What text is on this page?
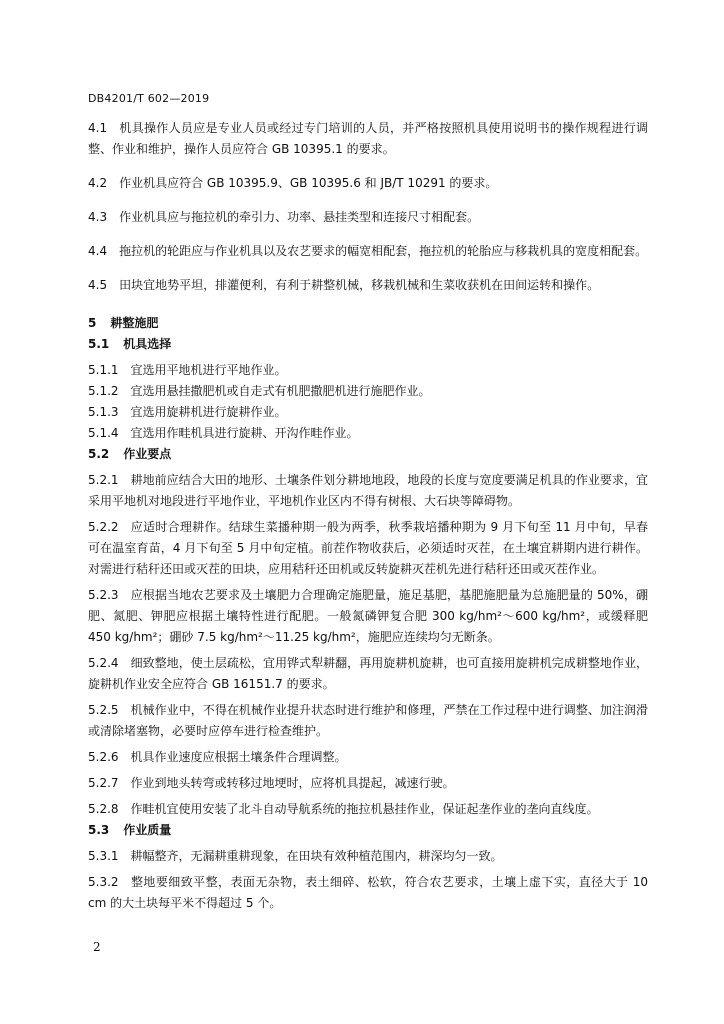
DB4201/T 602—2019

4.1 机具操作人员应是专业人员或经过专门培训的人员，并严格按照机具使用说明书的操作规程进行调整、作业和维护，操作人员应符合 GB 10395.1 的要求。

4.2 作业机具应符合 GB 10395.9、GB 10395.6 和 JB/T 10291 的要求。

4.3 作业机具应与拖拉机的牵引力、功率、悬挂类型和连接尺寸相配套。

4.4 拖拉机的轮距应与作业机具以及农艺要求的幅宽相配套，拖拉机的轮胎应与移栽机具的宽度相配套。

4.5 田块宜地势平坦，排灌便利，有利于耕整机械，移栽机械和生菜收获机在田间运转和操作。

5 耕整施肥

5.1 机具选择

5.1.1 宜选用平地机进行平地作业。

5.1.2 宜选用悬挂撒肥机或自走式有机肥撒肥机进行施肥作业。

5.1.3 宜选用旋耕机进行旋耕作业。

5.1.4 宜选用作畦机具进行旋耕、开沟作畦作业。

5.2 作业要点

5.2.1 耕地前应结合大田的地形、土壤条件划分耕地地段，地段的长度与宽度要满足机具的作业要求，宜采用平地机对地段进行平地作业，平地机作业区内不得有树根、大石块等障碍物。

5.2.2 应适时合理耕作。结球生菜播种期一般为两季，秋季栽培播种期为 9 月下旬至 11 月中旬，早春可在温室育苗，4 月下旬至 5 月中旬定植。前茬作物收获后，必须适时灭茬，在土壤宜耕期内进行耕作。对需进行秸秆还田或灭茬的田块，应用秸秆还田机或反转旋耕灭茬机先进行秸秆还田或灭茬作业。

5.2.3 应根据当地农艺要求及土壤肥力合理确定施肥量，施足基肥，基肥施肥量为总施肥量的 50%，硼肥、氮肥、钾肥应根据土壤特性进行配肥。一般氮磷钾复合肥 300 kg/hm²～600 kg/hm²，或缓释肥 450 kg/hm²；硼砂 7.5 kg/hm²～11.25 kg/hm²，施肥应连续均匀无断条。

5.2.4 细致整地，使土层疏松，宜用铧式犁耕翻，再用旋耕机旋耕，也可直接用旋耕机完成耕整地作业，旋耕机作业安全应符合 GB 16151.7 的要求。

5.2.5 机械作业中，不得在机械作业提升状态时进行维护和修理，严禁在工作过程中进行调整、加注润滑或清除堵塞物，必要时应停车进行检查维护。

5.2.6 机具作业速度应根据土壤条件合理调整。

5.2.7 作业到地头转弯或转移过地埂时，应将机具提起，减速行驶。

5.2.8 作畦机宜使用安装了北斗自动导航系统的拖拉机悬挂作业，保证起垄作业的垄向直线度。

5.3 作业质量

5.3.1 耕幅整齐，无漏耕重耕现象，在田块有效种植范围内，耕深均匀一致。

5.3.2 整地要细致平整，表面无杂物，表土细碎、松软，符合农艺要求，土壤上虚下实，直径大于 10 cm 的大土块每平米不得超过 5 个。

2
